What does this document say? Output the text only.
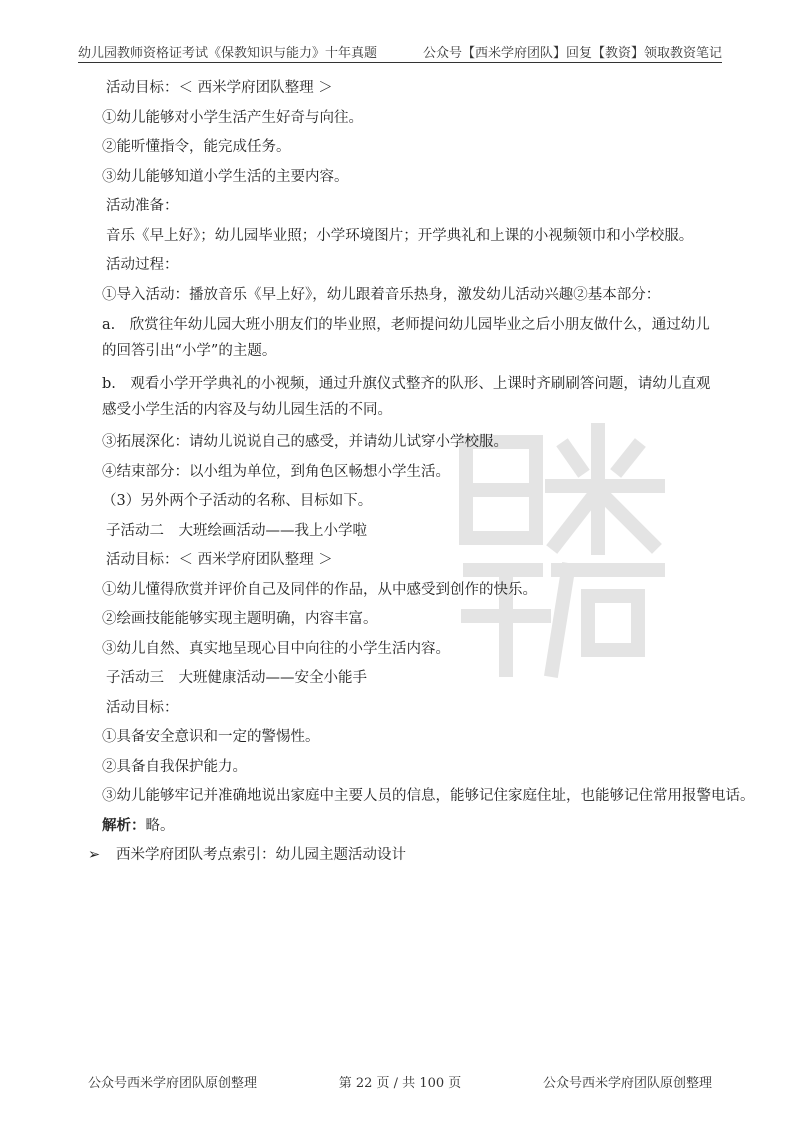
幼儿园教师资格证考试《保教知识与能力》十年真题	公众号【西米学府团队】回复【教资】领取教资笔记
活动目标：＜ 西米学府团队整理 ＞
①幼儿能够对小学生活产生好奇与向往。
②能听懂指令，能完成任务。
③幼儿能够知道小学生活的主要内容。
活动准备：
音乐《早上好》；幼儿园毕业照；小学环境图片；开学典礼和上课的小视频领巾和小学校服。
活动过程：
①导入活动：播放音乐《早上好》，幼儿跟着音乐热身，激发幼儿活动兴趣②基本部分：
a.　欣赏往年幼儿园大班小朋友们的毕业照，老师提问幼儿园毕业之后小朋友做什么，通过幼儿的回答引出“小学”的主题。
b.　观看小学开学典礼的小视频，通过升旗仪式整齐的队形、上课时齐刷刷答问题，请幼儿直观感受小学生活的内容及与幼儿园生活的不同。
③拓展深化：请幼儿说说自己的感受，并请幼儿试穿小学校服。
④结束部分：以小组为单位，到角色区畅想小学生活。
（3）另外两个子活动的名称、目标如下。
子活动二　大班绘画活动——我上小学啦
活动目标：＜ 西米学府团队整理 ＞
①幼儿懂得欣赏并评价自己及同伴的作品，从中感受到创作的快乐。
②绘画技能能够实现主题明确，内容丰富。
③幼儿自然、真实地呈现心目中向往的小学生活内容。
子活动三　大班健康活动——安全小能手
活动目标：
①具备安全意识和一定的警惕性。
②具备自我保护能力。
③幼儿能够牢记并准确地说出家庭中主要人员的信息，能够记住家庭住址，也能够记住常用报警电话。
解析：略。
➢ 西米学府团队考点索引：幼儿园主题活动设计
公众号西米学府团队原创整理	第 22 页 / 共 100 页	公众号西米学府团队原创整理
